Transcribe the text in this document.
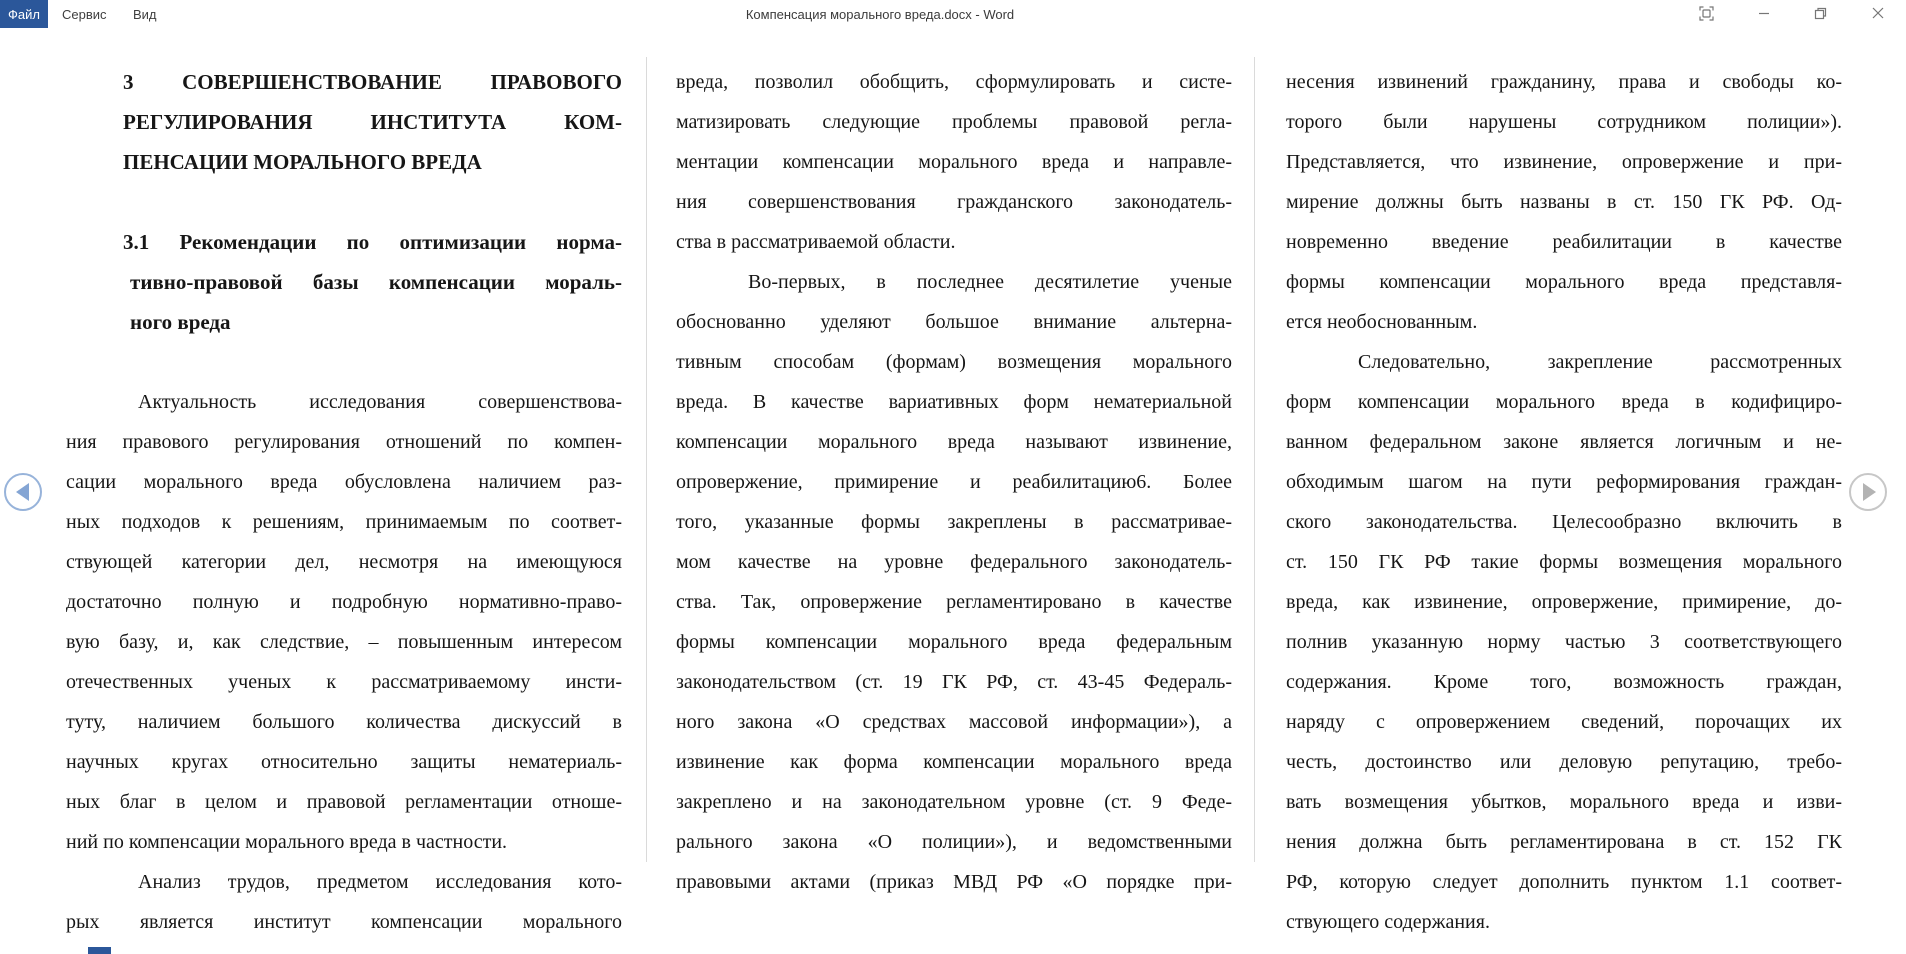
Файл	Сервис Вид	Компенсация морального вреда.docx - Word
3 СОВЕРШЕНСТВОВАНИЕ ПРАВОВОГО
РЕГУЛИРОВАНИЯ ИНСТИТУТА КОМ-
ПЕНСАЦИИ МОРАЛЬНОГО ВРЕДА
3.1 Рекомендации по оптимизации норма-
тивно-правовой базы компенсации мораль-
ного вреда
Актуальность исследования совершенствова-
ния правового регулирования отношений по компен-
сации морального вреда обусловлена наличием раз-
ных подходов к решениям, принимаемым по соответ-
ствующей категории дел, несмотря на имеющуюся
достаточно полную и подробную нормативно-право-
вую базу, и, как следствие, – повышенным интересом
отечественных ученых к рассматриваемому инсти-
туту, наличием большого количества дискуссий в
научных кругах относительно защиты нематериаль-
ных благ в целом и правовой регламентации отноше-
ний по компенсации морального вреда в частности.
Анализ трудов, предметом исследования кото-
рых является институт компенсации морального
вреда, позволил обобщить, сформулировать и систе-
матизировать следующие проблемы правовой регла-
ментации компенсации морального вреда и направле-
ния совершенствования гражданского законодатель-
ства в рассматриваемой области.
Во-первых, в последнее десятилетие ученые
обоснованно уделяют большое внимание альтерна-
тивным способам (формам) возмещения морального
вреда. В качестве вариативных форм нематериальной
компенсации морального вреда называют извинение,
опровержение, примирение и реабилитацию6. Более
того, указанные формы закреплены в рассматривае-
мом качестве на уровне федерального законодатель-
ства. Так, опровержение регламентировано в качестве
формы компенсации морального вреда федеральным
законодательством (ст. 19 ГК РФ, ст. 43-45 Федераль-
ного закона «О средствах массовой информации»), а
извинение как форма компенсации морального вреда
закреплено и на законодательном уровне (ст. 9 Феде-
рального закона «О полиции»), и ведомственными
правовыми актами (приказ МВД РФ «О порядке при-
несения извинений гражданину, права и свободы ко-
торого были нарушены сотрудником полиции»).
Представляется, что извинение, опровержение и при-
мирение должны быть названы в ст. 150 ГК РФ. Од-
новременно введение реабилитации в качестве
формы компенсации морального вреда представля-
ется необоснованным.
Следовательно, закрепление рассмотренных
форм компенсации морального вреда в кодифициро-
ванном федеральном законе является логичным и не-
обходимым шагом на пути реформирования граждан-
ского законодательства. Целесообразно включить в
ст. 150 ГК РФ такие формы возмещения морального
вреда, как извинение, опровержение, примирение, до-
полнив указанную норму частью 3 соответствующего
содержания. Кроме того, возможность граждан,
наряду с опровержением сведений, порочащих их
честь, достоинство или деловую репутацию, требо-
вать возмещения убытков, морального вреда и изви-
нения должна быть регламентирована в ст. 152 ГК
РФ, которую следует дополнить пунктом 1.1 соответ-
ствующего содержания.
